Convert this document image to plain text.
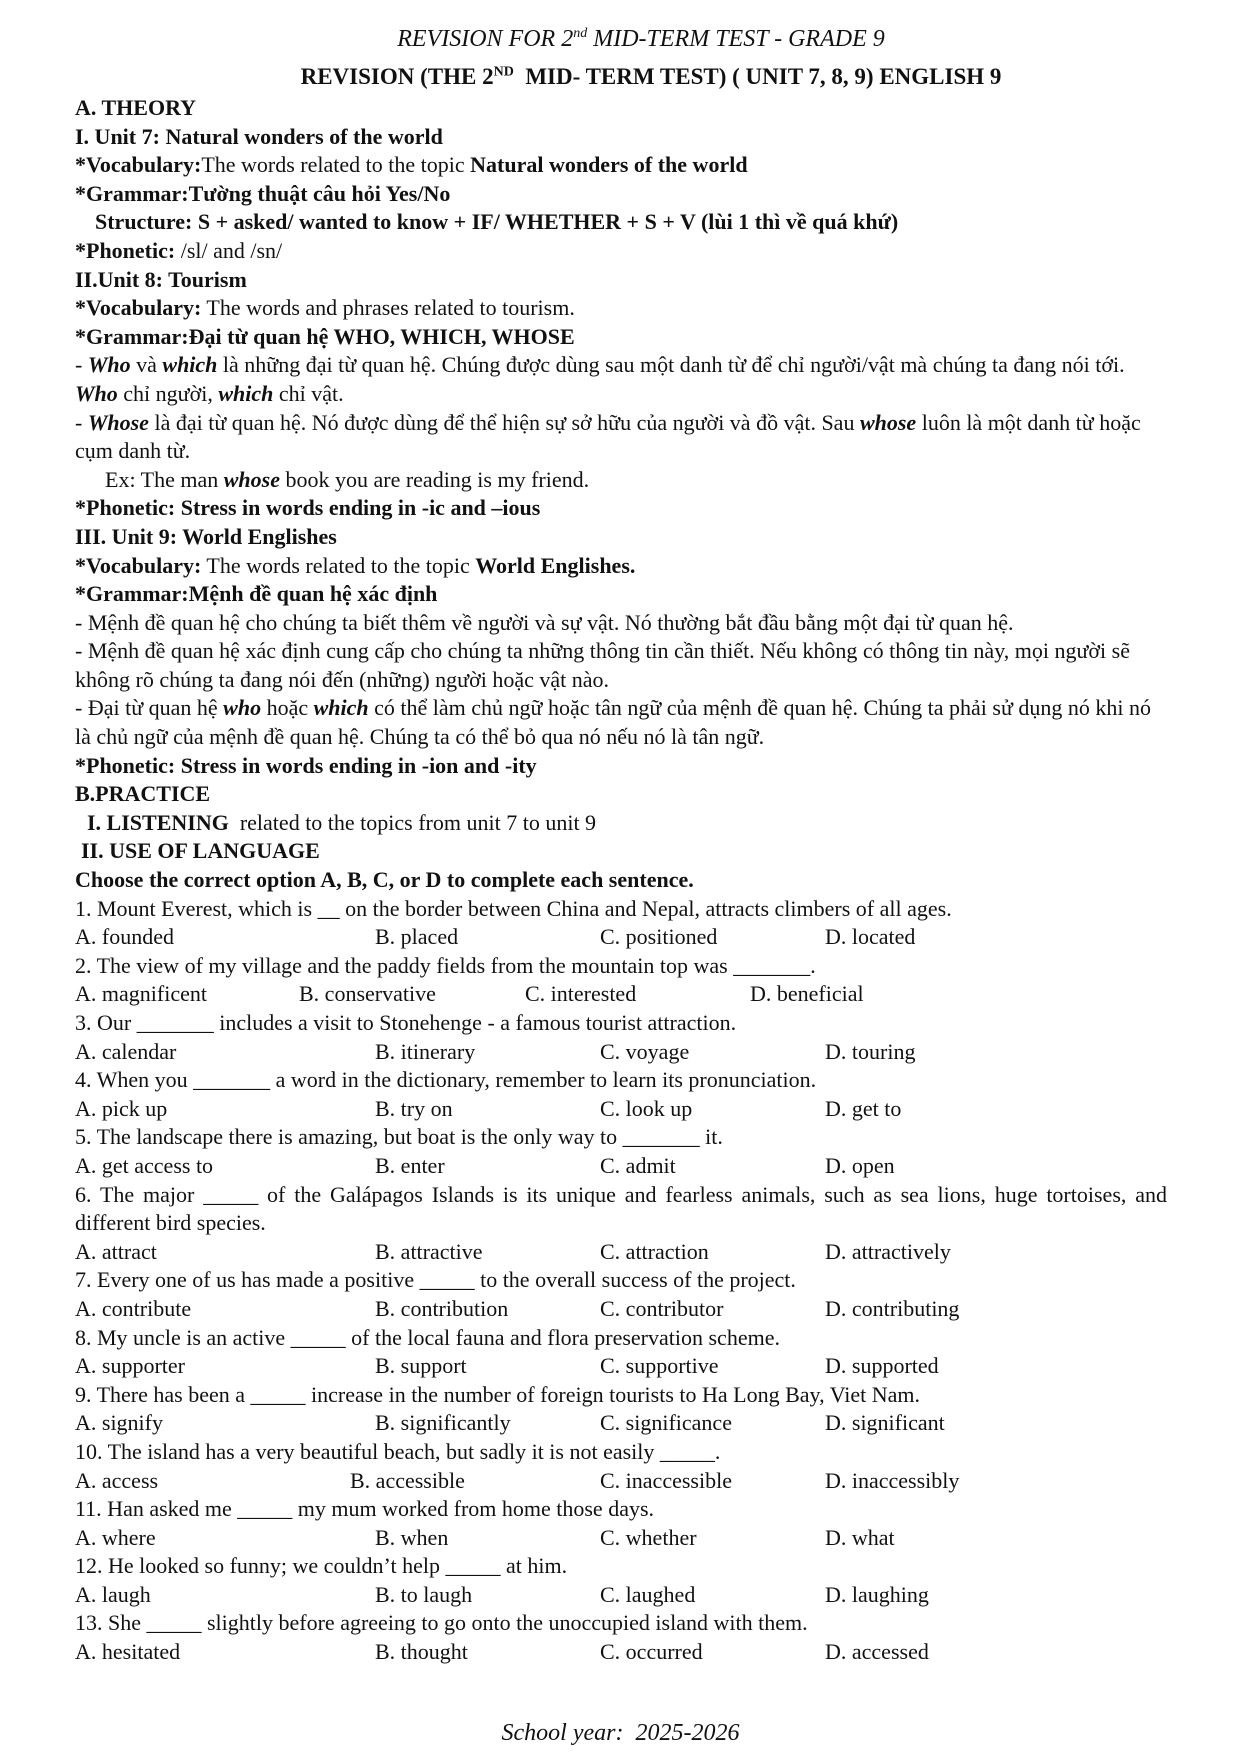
REVISION FOR 2nd MID-TERM TEST - GRADE 9
REVISION (THE 2ND  MID- TERM TEST) ( UNIT 7, 8, 9) ENGLISH 9
A. THEORY
I. Unit 7: Natural wonders of the world
*Vocabulary:The words related to the topic Natural wonders of the world
*Grammar:Tường thuật câu hỏi Yes/No
Structure: S + asked/ wanted to know + IF/ WHETHER + S + V (lùi 1 thì về quá khứ)
*Phonetic: /sl/ and /sn/
II.Unit 8: Tourism
*Vocabulary: The words and phrases related to tourism.
*Grammar:Đại từ quan hệ WHO, WHICH, WHOSE
- Who và which là những đại từ quan hệ. Chúng được dùng sau một danh từ để chỉ người/vật mà chúng ta đang nói tới. Who chỉ người, which chỉ vật.
- Whose là đại từ quan hệ. Nó được dùng để thể hiện sự sở hữu của người và đồ vật. Sau whose luôn là một danh từ hoặc cụm danh từ.
Ex: The man whose book you are reading is my friend.
*Phonetic: Stress in words ending in -ic and –ious
III. Unit 9: World Englishes
*Vocabulary: The words related to the topic World Englishes.
*Grammar:Mệnh đề quan hệ xác định
- Mệnh đề quan hệ cho chúng ta biết thêm về người và sự vật. Nó thường bắt đầu bằng một đại từ quan hệ.
- Mệnh đề quan hệ xác định cung cấp cho chúng ta những thông tin cần thiết. Nếu không có thông tin này, mọi người sẽ không rõ chúng ta đang nói đến (những) người hoặc vật nào.
- Đại từ quan hệ who hoặc which có thể làm chủ ngữ hoặc tân ngữ của mệnh đề quan hệ. Chúng ta phải sử dụng nó khi nó là chủ ngữ của mệnh đề quan hệ. Chúng ta có thể bỏ qua nó nếu nó là tân ngữ.
*Phonetic: Stress in words ending in -ion and -ity
B.PRACTICE
I. LISTENING  related to the topics from unit 7 to unit 9
II. USE OF LANGUAGE
Choose the correct option A, B, C, or D to complete each sentence.
1. Mount Everest, which is __ on the border between China and Nepal, attracts climbers of all ages.
A. founded	B. placed	C. positioned	D. located
2. The view of my village and the paddy fields from the mountain top was _______.
A. magnificent	B. conservative	C. interested	D. beneficial
3. Our _______ includes a visit to Stonehenge - a famous tourist attraction.
A. calendar	B. itinerary	C. voyage	D. touring
4. When you _______ a word in the dictionary, remember to learn its pronunciation.
A. pick up	B. try on	C. look up	D. get to
5. The landscape there is amazing, but boat is the only way to _______ it.
A. get access to	B. enter	C. admit	D. open
6. The major _____ of the Galápagos Islands is its unique and fearless animals, such as sea lions, huge tortoises, and different bird species.
A. attract	B. attractive	C. attraction	D. attractively
7. Every one of us has made a positive _____ to the overall success of the project.
A. contribute	B. contribution	C. contributor	D. contributing
8. My uncle is an active _____ of the local fauna and flora preservation scheme.
A. supporter	B. support	C. supportive	D. supported
9. There has been a _____ increase in the number of foreign tourists to Ha Long Bay, Viet Nam.
A. signify	B. significantly	C. significance	D. significant
10. The island has a very beautiful beach, but sadly it is not easily _____.
A. access	B. accessible	C. inaccessible	D. inaccessibly
11. Han asked me _____ my mum worked from home those days.
A. where	B. when	C. whether	D. what
12. He looked so funny; we couldn’t help _____ at him.
A. laugh	B. to laugh	C. laughed	D. laughing
13. She _____ slightly before agreeing to go onto the unoccupied island with them.
A. hesitated	B. thought	C. occurred	D. accessed
School year:  2025-2026
